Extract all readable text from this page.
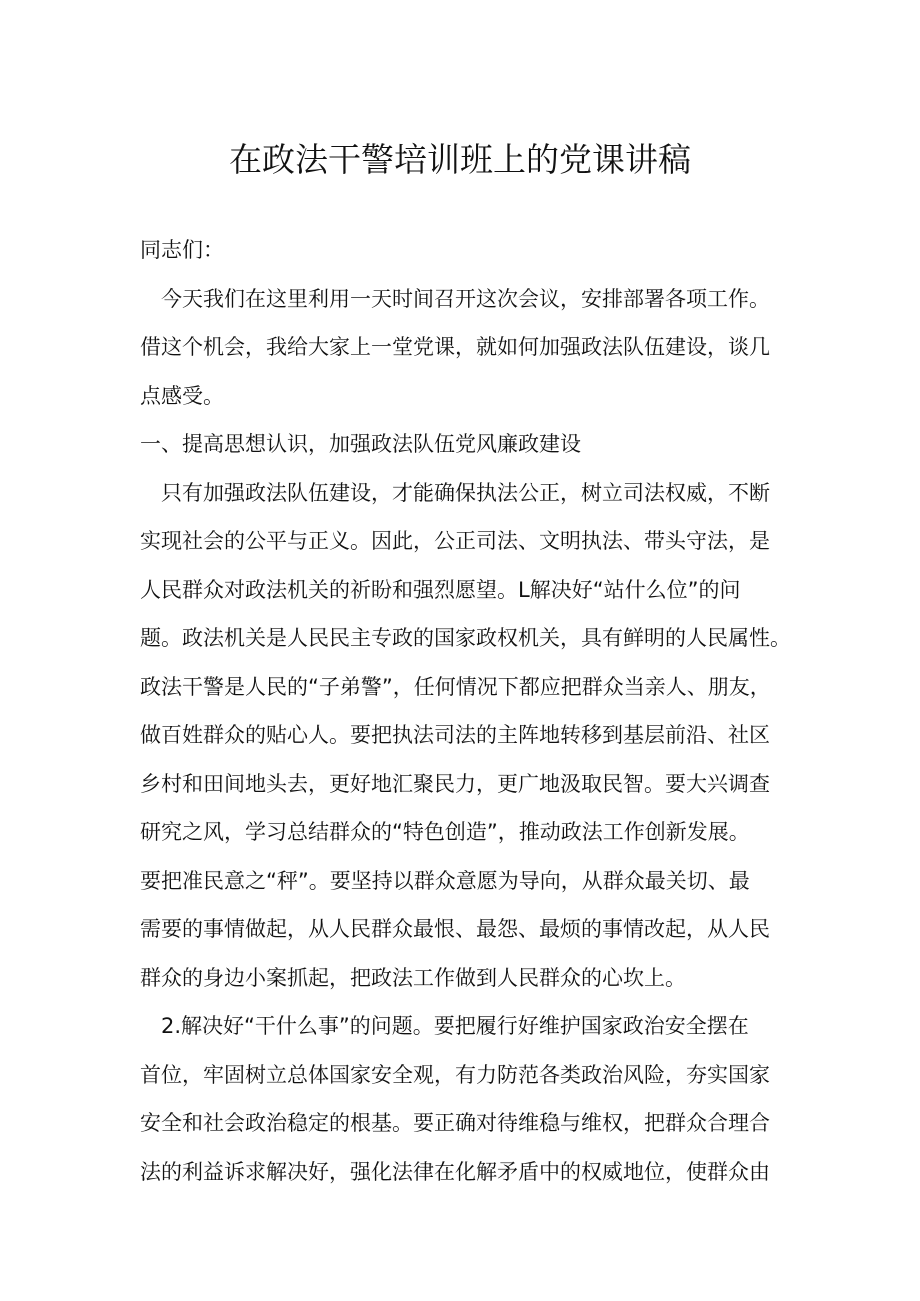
在政法干警培训班上的党课讲稿
同志们：
今天我们在这里利用一天时间召开这次会议，安排部署各项工作。
借这个机会，我给大家上一堂党课，就如何加强政法队伍建设，谈几
点感受。
一、提高思想认识，加强政法队伍党风廉政建设
只有加强政法队伍建设，才能确保执法公正，树立司法权威，不断
实现社会的公平与正义。因此，公正司法、文明执法、带头守法，是
人民群众对政法机关的祈盼和强烈愿望。L解决好“站什么位”的问
题。政法机关是人民民主专政的国家政权机关，具有鲜明的人民属性。
政法干警是人民的“子弟警”，任何情况下都应把群众当亲人、朋友，
做百姓群众的贴心人。要把执法司法的主阵地转移到基层前沿、社区
乡村和田间地头去，更好地汇聚民力，更广地汲取民智。要大兴调查
研究之风，学习总结群众的“特色创造”，推动政法工作创新发展。
要把准民意之“秤”。要坚持以群众意愿为导向，从群众最关切、最
需要的事情做起，从人民群众最恨、最怨、最烦的事情改起，从人民
群众的身边小案抓起，把政法工作做到人民群众的心坎上。
2.解决好“干什么事”的问题。要把履行好维护国家政治安全摆在
首位，牢固树立总体国家安全观，有力防范各类政治风险，夯实国家
安全和社会政治稳定的根基。要正确对待维稳与维权，把群众合理合
法的利益诉求解决好，强化法律在化解矛盾中的权威地位，使群众由
